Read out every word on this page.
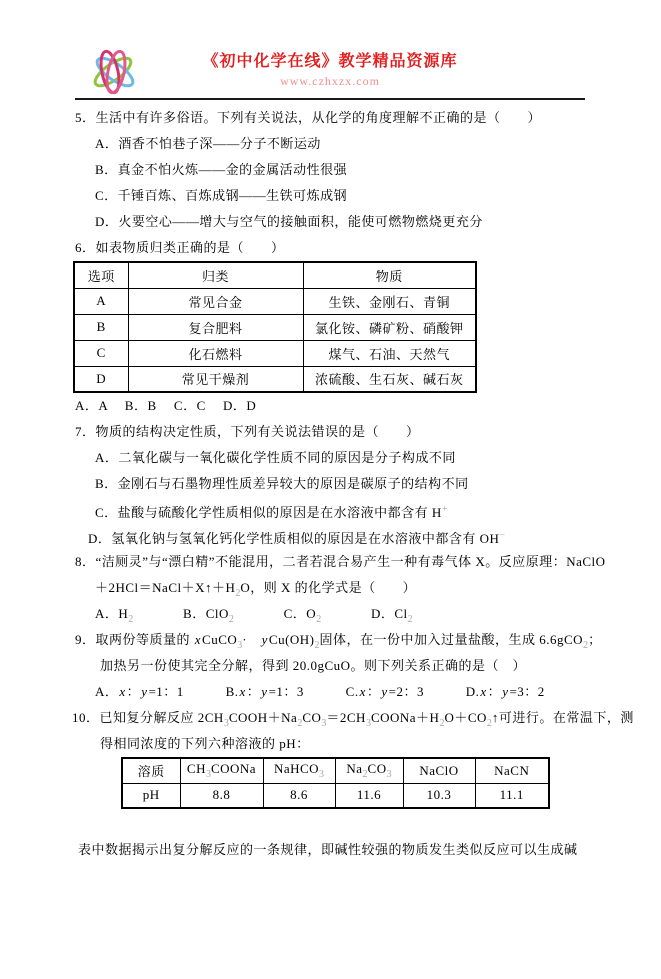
《初中化学在线》教学精品资源库
www.czhxzx.com
5．生活中有许多俗语。下列有关说法，从化学的角度理解不正确的是（　　）
A．酒香不怕巷子深——分子不断运动
B．真金不怕火炼——金的金属活动性很强
C．千锤百炼、百炼成钢——生铁可炼成钢
D．火要空心——增大与空气的接触面积，能使可燃物燃烧更充分
6．如表物质归类正确的是（　　）
选项	归类	物质
A	常见合金	生铁、金刚石、青铜
B	复合肥料	氯化铵、磷矿粉、硝酸钾
C	化石燃料	煤气、石油、天然气
D	常见干燥剂	浓硫酸、生石灰、碱石灰
A．A　 B．B　 C．C　 D．D
7．物质的结构决定性质，下列有关说法错误的是（　　）
A．二氧化碳与一氧化碳化学性质不同的原因是分子构成不同
B．金刚石与石墨物理性质差异较大的原因是碳原子的结构不同
C．盐酸与硫酸化学性质相似的原因是在水溶液中都含有 H+
D．氢氧化钠与氢氧化钙化学性质相似的原因是在水溶液中都含有 OH−
8．“洁厕灵”与“漂白精”不能混用，二者若混合易产生一种有毒气体 X。反应原理：NaClO
$+2HCl=NaCl+X↑+H_2O$，则 X 的化学式是（　　）
A．$H_2$	B．ClO$_2$	C．$O_2$	D．$Cl_2$
9．取两份等质量的 xCuCO$_3$·　$yCu(OH)_2$固体，在一份中加入过量盐酸，生成 6.6gCO$_2$；
加热另一份使其完全分解，得到 20.0gCuO。则下列关系正确的是（　）
A．x：y=1：1	B.x：y=1：3	C.x：y=2：3	D.x：y=3：2
10．已知复分解反应 $2CH_3COOH+Na_2CO_3=2CH_3COONa+H_2O+CO_2↑$可进行。在常温下，测
得相同浓度的下列六种溶液的 pH：
溶质	$CH_3COONa$	NaHCO$_3$	$Na_2CO_3$	NaClO	NaCN
pH	8.8	8.6	11.6	10.3	11.1
表中数据揭示出复分解反应的一条规律，即碱性较强的物质发生类似反应可以生成碱
